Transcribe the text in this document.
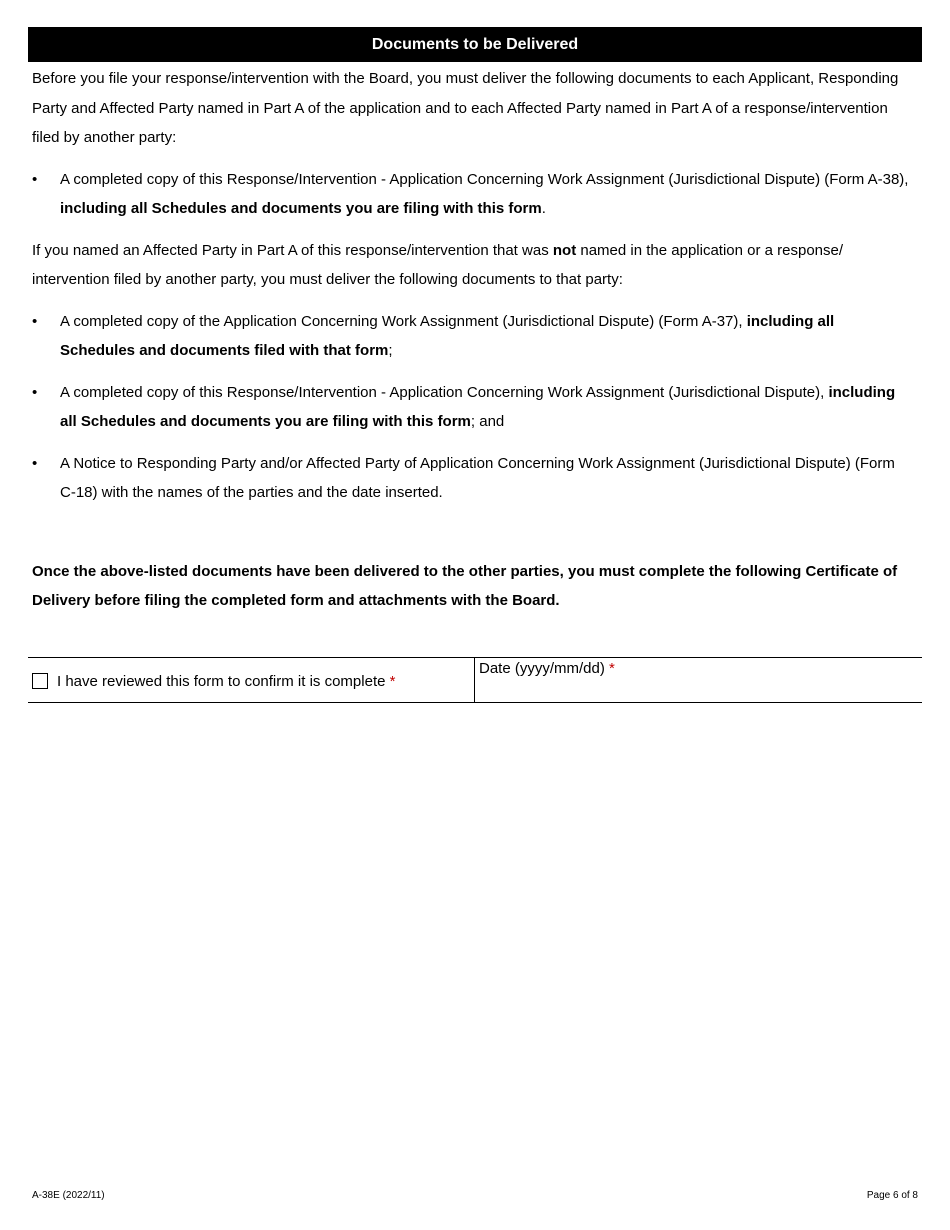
Documents to be Delivered

Before you file your response/intervention with the Board, you must deliver the following documents to each Applicant, Responding Party and Affected Party named in Part A of the application and to each Affected Party named in Part A of a response/intervention filed by another party:

• A completed copy of this Response/Intervention - Application Concerning Work Assignment (Jurisdictional Dispute) (Form A-38), including all Schedules and documents you are filing with this form.

If you named an Affected Party in Part A of this response/intervention that was not named in the application or a response/ intervention filed by another party, you must deliver the following documents to that party:

• A completed copy of the Application Concerning Work Assignment (Jurisdictional Dispute) (Form A-37), including all Schedules and documents filed with that form;
• A completed copy of this Response/Intervention - Application Concerning Work Assignment (Jurisdictional Dispute), including all Schedules and documents you are filing with this form; and
• A Notice to Responding Party and/or Affected Party of Application Concerning Work Assignment (Jurisdictional Dispute) (Form C-18) with the names of the parties and the date inserted.

Once the above-listed documents have been delivered to the other parties, you must complete the following Certificate of Delivery before filing the completed form and attachments with the Board.

I have reviewed this form to confirm it is complete
*
Date (yyyy/mm/dd) *
A-38E (2022/11)	Page 6 of 8
